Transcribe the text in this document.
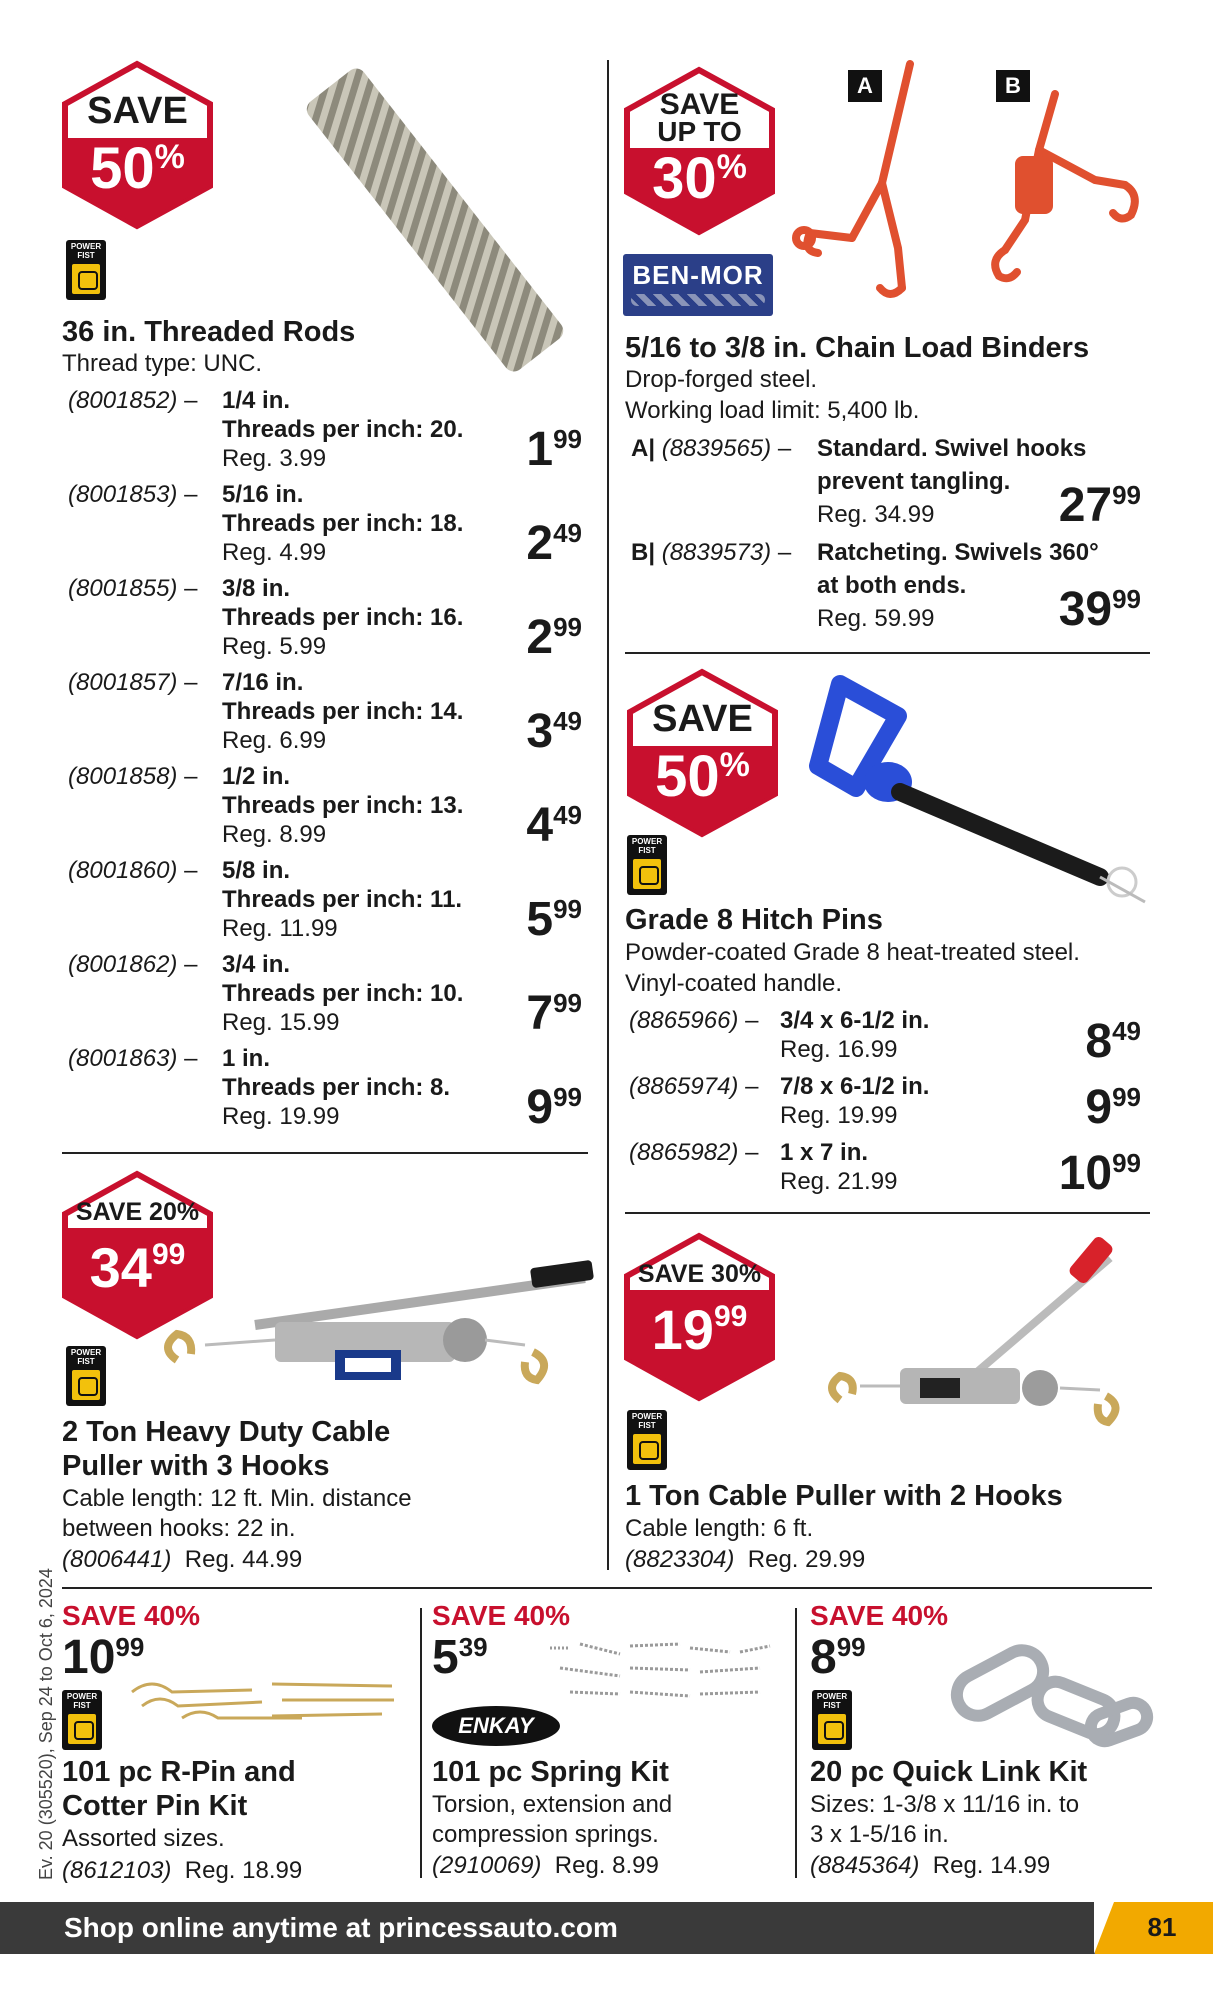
SAVE
50%
POWER FIST
36 in. Threaded Rods
Thread type: UNC.
(8001852) – 1/4 in.
Threads per inch: 20.
Reg. 3.99	199
(8001853) – 5/16 in.
Threads per inch: 18.
Reg. 4.99	249
(8001855) – 3/8 in.
Threads per inch: 16.
Reg. 5.99	299
(8001857) – 7/16 in.
Threads per inch: 14.
Reg. 6.99	349
(8001858) – 1/2 in.
Threads per inch: 13.
Reg. 8.99	449
(8001860) – 5/8 in.
Threads per inch: 11.
Reg. 11.99	599
(8001862) – 3/4 in.
Threads per inch: 10.
Reg. 15.99	799
(8001863) – 1 in.
Threads per inch: 8.
Reg. 19.99	999
SAVE
UP TO
30%
A	B
BEN-MOR
5/16 to 3/8 in. Chain Load Binders
Drop-forged steel.
Working load limit: 5,400 lb.
A| (8839565) – Standard. Swivel hooks
prevent tangling.
Reg. 34.99	2799
B| (8839573) – Ratcheting. Swivels 360°
at both ends.
Reg. 59.99	3999
SAVE
50%
POWER FIST
Grade 8 Hitch Pins
Powder-coated Grade 8 heat-treated steel.
Vinyl-coated handle.
(8865966) – 3/4 x 6-1/2 in.
Reg. 16.99	849
(8865974) – 7/8 x 6-1/2 in.
Reg. 19.99	999
(8865982) – 1 x 7 in.
Reg. 21.99	1099
SAVE 20%
$34^{99}$
POWER FIST
2 Ton Heavy Duty Cable
Puller with 3 Hooks
Cable length: 12 ft. Min. distance
between hooks: 22 in.
(8006441) Reg. 44.99
SAVE 30%
$19^{99}$
POWER FIST
1 Ton Cable Puller with 2 Hooks
Cable length: 6 ft.
(8823304) Reg. 29.99
SAVE 40%
1099
POWER FIST
101 pc R-Pin and
Cotter Pin Kit
Assorted sizes.
(8612103) Reg. 18.99
SAVE 40%
539
ENKAY
101 pc Spring Kit
Torsion, extension and
compression springs.
(2910069) Reg. 8.99
SAVE 40%
899
POWER FIST
20 pc Quick Link Kit
Sizes: 1-3/8 x 11/16 in. to
3 x 1-5/16 in.
(8845364) Reg. 14.99
Ev. 20 (305520), Sep 24 to Oct 6, 2024
Shop online anytime at princessauto.com	81
